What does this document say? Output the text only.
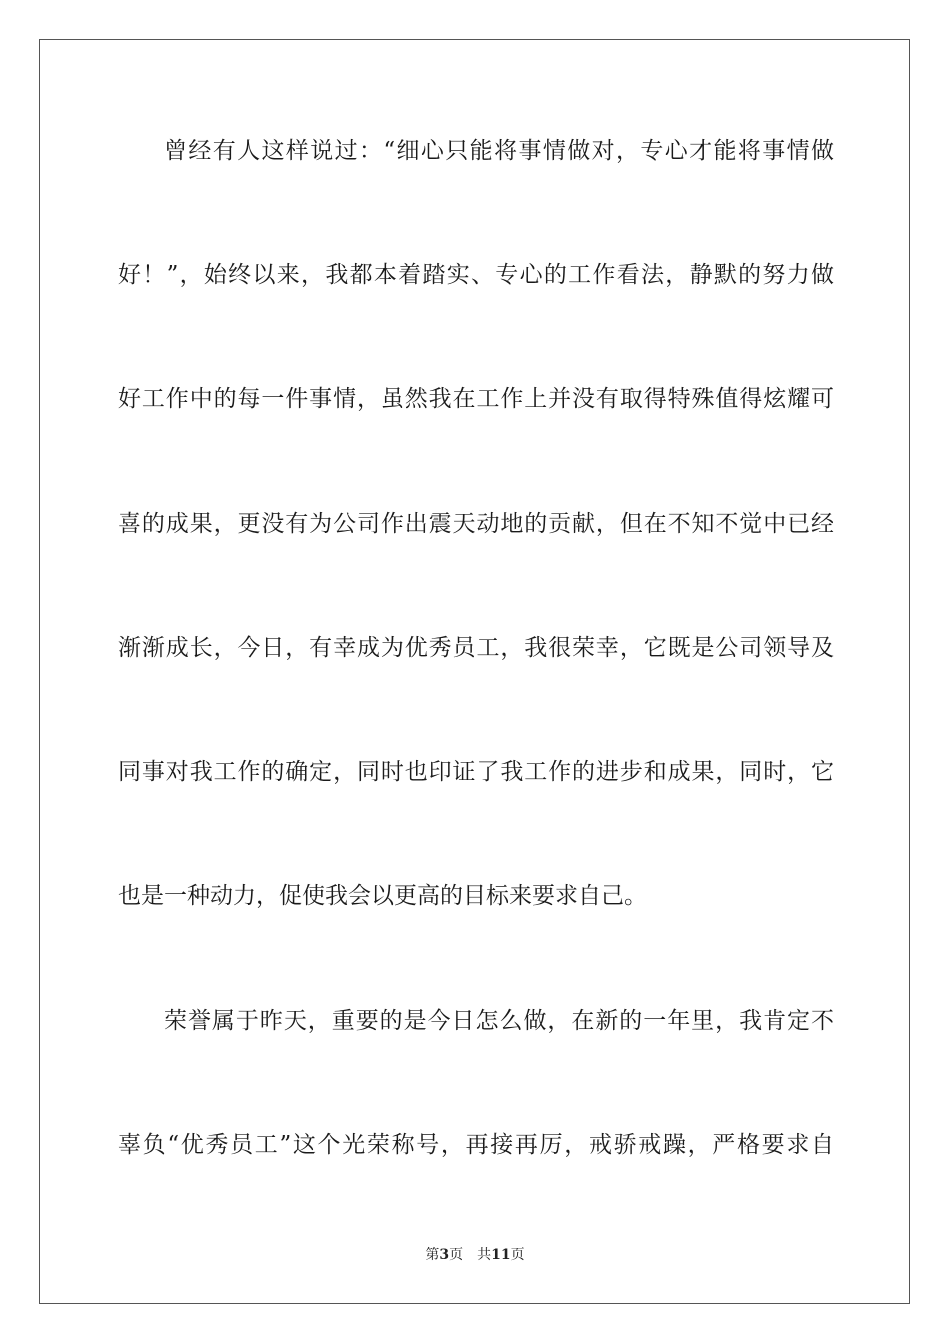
曾经有人这样说过：“细心只能将事情做对，专心才能将事情做
好！”，始终以来，我都本着踏实、专心的工作看法，静默的努力做
好工作中的每一件事情，虽然我在工作上并没有取得特殊值得炫耀可
喜的成果，更没有为公司作出震天动地的贡献，但在不知不觉中已经
渐渐成长，今日，有幸成为优秀员工，我很荣幸，它既是公司领导及
同事对我工作的确定，同时也印证了我工作的进步和成果，同时，它
也是一种动力，促使我会以更高的目标来要求自己。
荣誉属于昨天，重要的是今日怎么做，在新的一年里，我肯定不
辜负“优秀员工”这个光荣称号，再接再厉，戒骄戒躁，严格要求自
第3页 共11页
